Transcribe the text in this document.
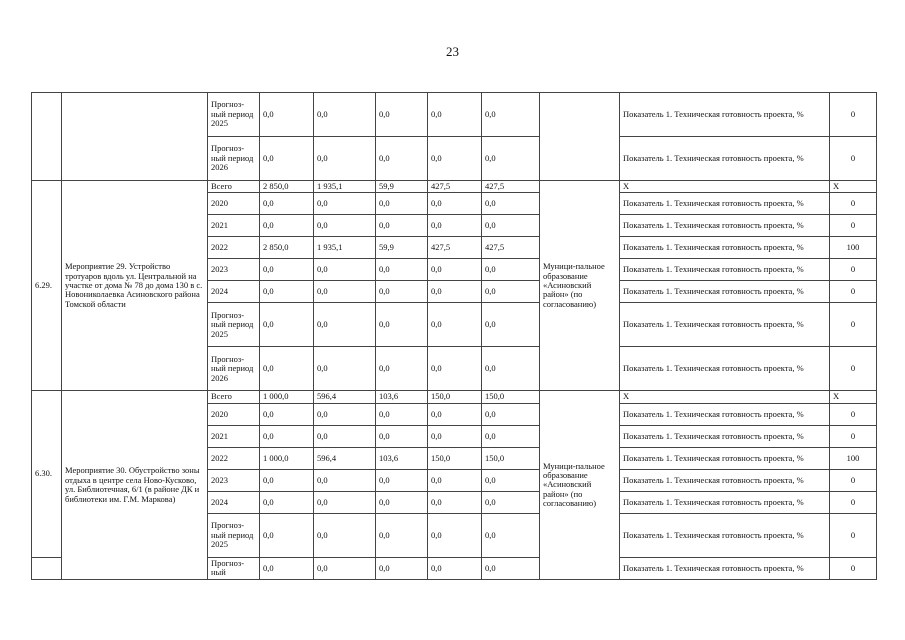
23
		Прогноз-ный период 2025	0,0	0,0	0,0	0,0	0,0		Показатель 1. Техническая готовность проекта, %	0
		Прогноз-ный период 2026	0,0	0,0	0,0	0,0	0,0		Показатель 1. Техническая готовность проекта, %	0
6.29.	Мероприятие 29. Устройство тротуаров вдоль ул. Центральной на участке от дома № 78 до дома 130 в с. Новониколаевка Асиновского района Томской области	Всего	2 850,0	1 935,1	59,9	427,5	427,5	Муници-пальное образование «Асиновский район» (по согласованию)	Х	Х
		2020	0,0	0,0	0,0	0,0	0,0		Показатель 1. Техническая готовность проекта, %	0
		2021	0,0	0,0	0,0	0,0	0,0		Показатель 1. Техническая готовность проекта, %	0
		2022	2 850,0	1 935,1	59,9	427,5	427,5		Показатель 1. Техническая готовность проекта, %	100
		2023	0,0	0,0	0,0	0,0	0,0		Показатель 1. Техническая готовность проекта, %	0
		2024	0,0	0,0	0,0	0,0	0,0		Показатель 1. Техническая готовность проекта, %	0
		Прогноз-ный период 2025	0,0	0,0	0,0	0,0	0,0		Показатель 1. Техническая готовность проекта, %	0
		Прогноз-ный период 2026	0,0	0,0	0,0	0,0	0,0		Показатель 1. Техническая готовность проекта, %	0
6.30.	Мероприятие 30. Обустройство зоны отдыха в центре села Ново-Кусково, ул. Библиотечная, 6/1 (в районе ДК и библиотеки им. Г.М. Маркова)	Всего	1 000,0	596,4	103,6	150,0	150,0	Муници-пальное образование «Асиновский район» (по согласованию)	Х	Х
		2020	0,0	0,0	0,0	0,0	0,0		Показатель 1. Техническая готовность проекта, %	0
		2021	0,0	0,0	0,0	0,0	0,0		Показатель 1. Техническая готовность проекта, %	0
		2022	1 000,0	596,4	103,6	150,0	150,0		Показатель 1. Техническая готовность проекта, %	100
		2023	0,0	0,0	0,0	0,0	0,0		Показатель 1. Техническая готовность проекта, %	0
		2024	0,0	0,0	0,0	0,0	0,0		Показатель 1. Техническая готовность проекта, %	0
		Прогноз-ный период 2025	0,0	0,0	0,0	0,0	0,0		Показатель 1. Техническая готовность проекта, %	0
		Прогноз-ный	0,0	0,0	0,0	0,0	0,0		Показатель 1. Техническая готовность проекта, %	0
